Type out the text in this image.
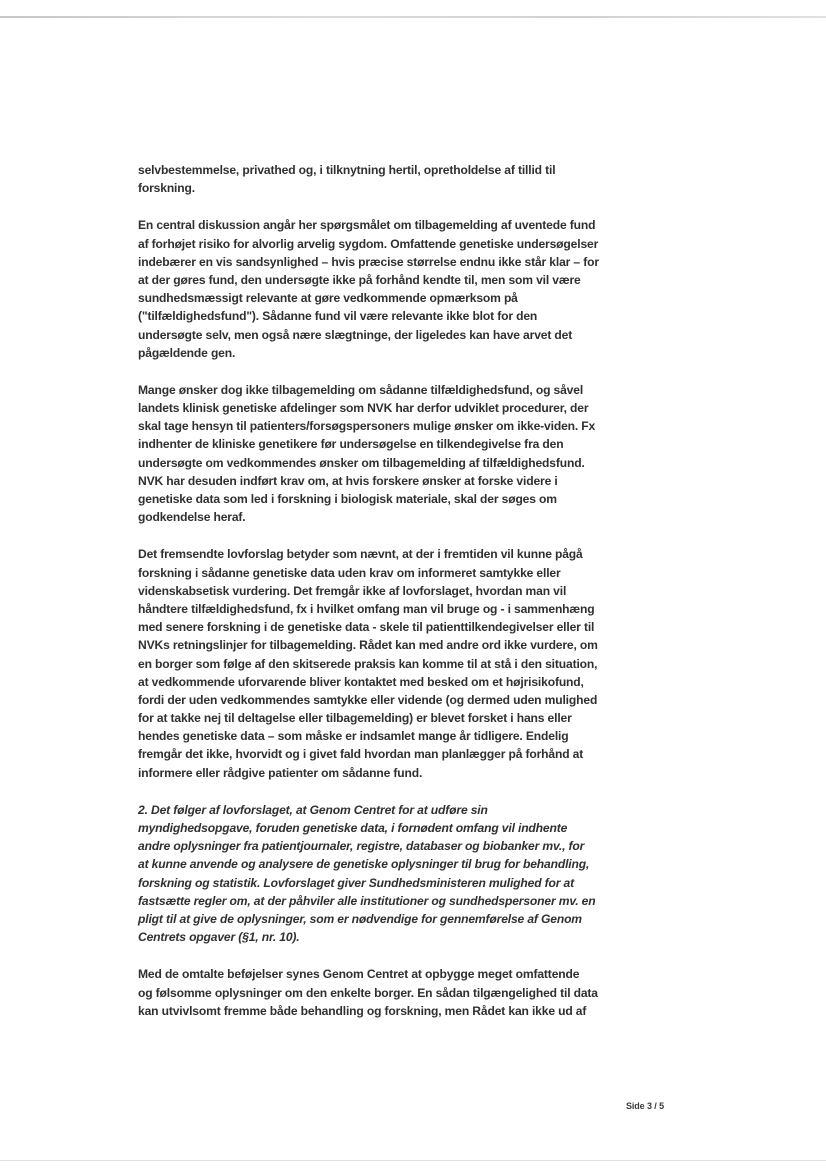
selvbestemmelse, privathed og, i tilknytning hertil, opretholdelse af tillid til
forskning.
En central diskussion angår her spørgsmålet om tilbagemelding af uventede fund
af forhøjet risiko for alvorlig arvelig sygdom. Omfattende genetiske undersøgelser
indebærer en vis sandsynlighed – hvis præcise størrelse endnu ikke står klar – for
at der gøres fund, den undersøgte ikke på forhånd kendte til, men som vil være
sundhedsmæssigt relevante at gøre vedkommende opmærksom på
("tilfældighedsfund"). Sådanne fund vil være relevante ikke blot for den
undersøgte selv, men også nære slægtninge, der ligeledes kan have arvet det
pågældende gen.
Mange ønsker dog ikke tilbagemelding om sådanne tilfældighedsfund, og såvel
landets klinisk genetiske afdelinger som NVK har derfor udviklet procedurer, der
skal tage hensyn til patienters/forsøgspersoners mulige ønsker om ikke-viden. Fx
indhenter de kliniske genetikere før undersøgelse en tilkendegivelse fra den
undersøgte om vedkommendes ønsker om tilbagemelding af tilfældighedsfund.
NVK har desuden indført krav om, at hvis forskere ønsker at forske videre i
genetiske data som led i forskning i biologisk materiale, skal der søges om
godkendelse heraf.
Det fremsendte lovforslag betyder som nævnt, at der i fremtiden vil kunne pågå
forskning i sådanne genetiske data uden krav om informeret samtykke eller
videnskabsetisk vurdering. Det fremgår ikke af lovforslaget, hvordan man vil
håndtere tilfældighedsfund, fx i hvilket omfang man vil bruge og - i sammenhæng
med senere forskning i de genetiske data - skele til patienttilkendegivelser eller til
NVKs retningslinjer for tilbagemelding. Rådet kan med andre ord ikke vurdere, om
en borger som følge af den skitserede praksis kan komme til at stå i den situation,
at vedkommende uforvarende bliver kontaktet med besked om et højrisikofund,
fordi der uden vedkommendes samtykke eller vidende (og dermed uden mulighed
for at takke nej til deltagelse eller tilbagemelding) er blevet forsket i hans eller
hendes genetiske data – som måske er indsamlet mange år tidligere. Endelig
fremgår det ikke, hvorvidt og i givet fald hvordan man planlægger på forhånd at
informere eller rådgive patienter om sådanne fund.
2. Det følger af lovforslaget, at Genom Centret for at udføre sin
myndighedsopgave, foruden genetiske data, i fornødent omfang vil indhente
andre oplysninger fra patientjournaler, registre, databaser og biobanker mv., for
at kunne anvende og analysere de genetiske oplysninger til brug for behandling,
forskning og statistik. Lovforslaget giver Sundhedsministeren mulighed for at
fastsætte regler om, at der påhviler alle institutioner og sundhedspersoner mv. en
pligt til at give de oplysninger, som er nødvendige for gennemførelse af Genom
Centrets opgaver (§1, nr. 10).
Med de omtalte beføjelser synes Genom Centret at opbygge meget omfattende
og følsomme oplysninger om den enkelte borger. En sådan tilgængelighed til data
kan utvivlsomt fremme både behandling og forskning, men Rådet kan ikke ud af
Side 3 / 5
